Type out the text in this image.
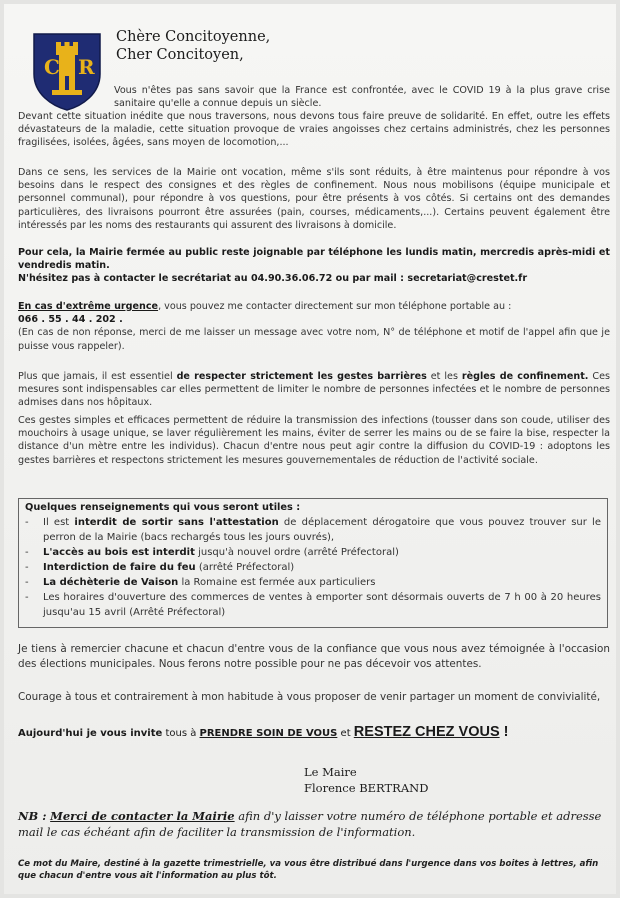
C R
Chère Concitoyenne,
Cher Concitoyen,
Vous n'êtes pas sans savoir que la France est confrontée, avec le COVID 19 à la plus grave crise sanitaire qu'elle a connue depuis un siècle.
Devant cette situation inédite que nous traversons, nous devons tous faire preuve de solidarité. En effet, outre les effets dévastateurs de la maladie, cette situation provoque de vraies angoisses chez certains administrés, chez les personnes fragilisées, isolées, âgées, sans moyen de locomotion,...
Dans ce sens, les services de la Mairie ont vocation, même s'ils sont réduits, à être maintenus pour répondre à vos besoins dans le respect des consignes et des règles de confinement. Nous nous mobilisons (équipe municipale et personnel communal), pour répondre à vos questions, pour être présents à vos côtés. Si certains ont des demandes particulières, des livraisons pourront être assurées (pain, courses, médicaments,...). Certains peuvent également être intéressés par les noms des restaurants qui assurent des livraisons à domicile.
Pour cela, la Mairie fermée au public reste joignable par téléphone les lundis matin, mercredis après-midi et vendredis matin.
N'hésitez pas à contacter le secrétariat au 04.90.36.06.72 ou par mail : secretariat@crestet.fr
En cas d'extrême urgence, vous pouvez me contacter directement sur mon téléphone portable au :
066 . 55 . 44 . 202 .
(En cas de non réponse, merci de me laisser un message avec votre nom, N° de téléphone et motif de l'appel afin que je puisse vous rappeler).
Plus que jamais, il est essentiel de respecter strictement les gestes barrières et les règles de confinement. Ces mesures sont indispensables car elles permettent de limiter le nombre de personnes infectées et le nombre de personnes admises dans nos hôpitaux.
Ces gestes simples et efficaces permettent de réduire la transmission des infections (tousser dans son coude, utiliser des mouchoirs à usage unique, se laver régulièrement les mains, éviter de serrer les mains ou de se faire la bise, respecter la distance d'un mètre entre les individus). Chacun d'entre nous peut agir contre la diffusion du COVID-19 : adoptons les gestes barrières et respectons strictement les mesures gouvernementales de réduction de l'activité sociale.
Quelques renseignements qui vous seront utiles :
- Il est interdit de sortir sans l'attestation de déplacement dérogatoire que vous pouvez trouver sur le perron de la Mairie (bacs rechargés tous les jours ouvrés),
- L'accès au bois est interdit jusqu'à nouvel ordre (arrêté Préfectoral)
- Interdiction de faire du feu (arrêté Préfectoral)
- La déchèterie de Vaison la Romaine est fermée aux particuliers
- Les horaires d'ouverture des commerces de ventes à emporter sont désormais ouverts de 7 h 00 à 20 heures jusqu'au 15 avril (Arrêté Préfectoral)
Je tiens à remercier chacune et chacun d'entre vous de la confiance que vous nous avez témoignée à l'occasion des élections municipales. Nous ferons notre possible pour ne pas décevoir vos attentes.
Courage à tous et contrairement à mon habitude à vous proposer de venir partager un moment de convivialité,
Aujourd'hui je vous invite tous à PRENDRE SOIN DE VOUS et RESTEZ CHEZ VOUS !
Le Maire
Florence BERTRAND
NB : Merci de contacter la Mairie afin d'y laisser votre numéro de téléphone portable et adresse mail le cas échéant afin de faciliter la transmission de l'information.
Ce mot du Maire, destiné à la gazette trimestrielle, va vous être distribué dans l'urgence dans vos boites à lettres, afin que chacun d'entre vous ait l'information au plus tôt.
